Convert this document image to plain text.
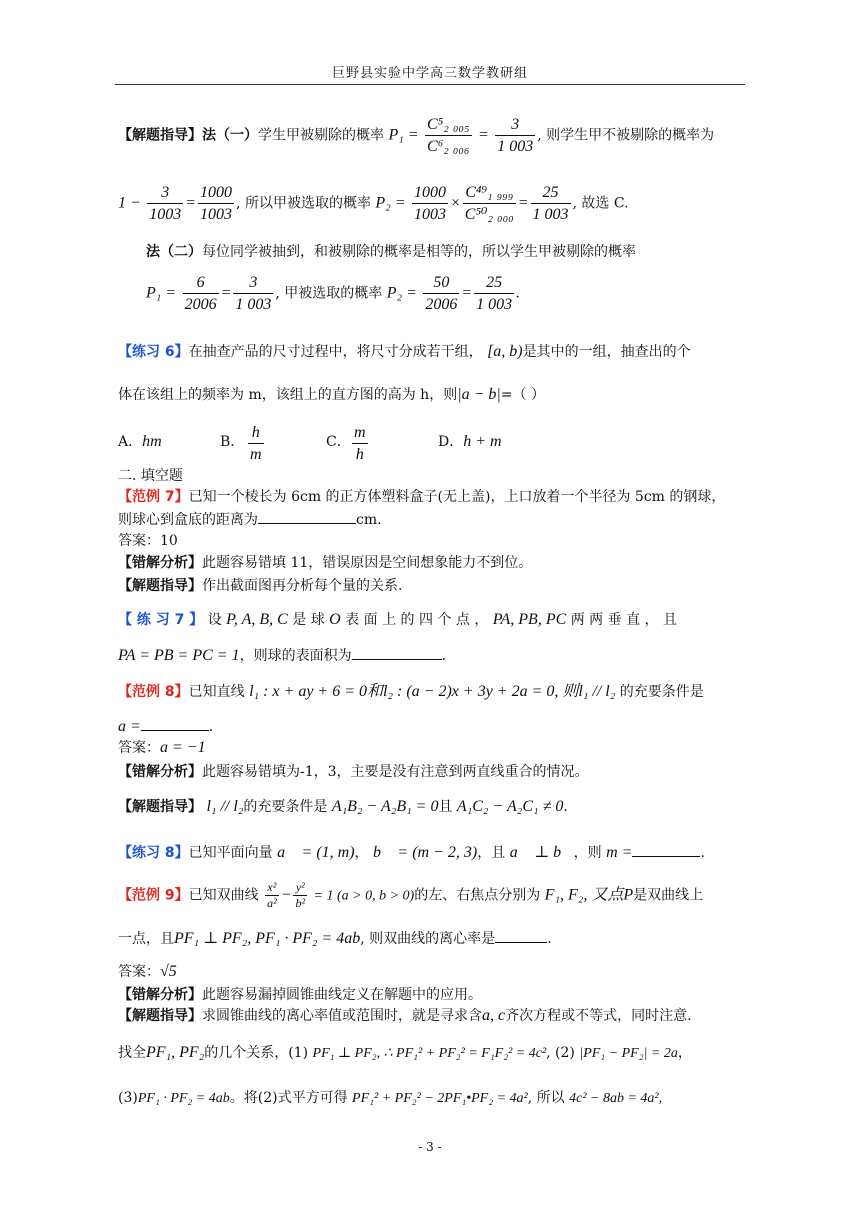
巨野县实验中学高三数学教研组
【解题指导】法（一）学生甲被剔除的概率 $P_1 = \frac{\text{C⁵₂ ₀₀₅}}{\text{C⁶₂ ₀₀₆}} = \frac{3}{1 003}$ , 则学生甲不被剔除的概率为
$1 - \frac{3}{1003} = \frac{1000}{1003}$ , 所以甲被选取的概率 $P_2 = \frac{1000}{1003} \times \frac{\text{C⁴⁹₁ ₉₉₉}}{\text{C⁵⁰₂ ₀₀₀}} = \frac{25}{1 003}$ , 故选 C.
法（二）每位同学被抽到，和被剔除的概率是相等的，所以学生甲被剔除的概率
$P_1 = \frac{6}{2006} = \frac{3}{1 003}$ , 甲被选取的概率 $P_2 = \frac{50}{2006} = \frac{25}{1 003}$ .
【练习 6】在抽查产品的尺寸过程中，将尺寸分成若干组， [a, b)是其中的一组，抽查出的个
体在该组上的频率为 m，该组上的直方图的高为 h，则|a − b|=（ ）
A．hm	B． $\frac{h}{m}$	C． $\frac{m}{h}$	D．h + m
二. 填空题
【范例 7】已知一个棱长为 6cm 的正方体塑料盒子(无上盖)，上口放着一个半径为 5cm 的钢球，
则球心到盒底的距离为	cm.
答案：10
【错解分析】此题容易错填 11，错误原因是空间想象能力不到位。
【解题指导】作出截面图再分析每个量的关系.
【 练 习 7 】 设 P, A, B, C 是 球 O 表 面 上 的 四 个 点 ， PA, PB, PC 两 两 垂 直 ， 且
PA = PB = PC = 1，则球的表面积为	.
【范例 8】已知直线 l₁ : x + ay + 6 = 0和l₂ : (a − 2)x + 3y + 2a = 0, 则l₁ // l₂ 的充要条件是
a =	.
答案：a = −1
【错解分析】此题容易错填为-1，3，主要是没有注意到两直线重合的情况。
【解题指导】 l₁ // l₂的充要条件是 A₁B₂ − A₂B₁ = 0且 A₁C₂ − A₂C₁ ≠ 0.
【练习 8】已知平面向量 a⃗ = (1, m)， b⃗ = (m − 2, 3)，且 a⃗ ⊥ b⃗，则 m =	.
【范例 9】已知双曲线 $\frac{\text{x²}}{\text{a²}} - \frac{\text{y²}}{\text{b²}} = 1$ (a > 0, b > 0)的左、右焦点分别为 F₁, F₂, 又点P是双曲线上
一点，且PF₁ ⊥ PF₂, PF₁ · PF₂ = 4ab, 则双曲线的离心率是	.
答案：√5
【错解分析】此题容易漏掉圆锥曲线定义在解题中的应用。
【解题指导】求圆锥曲线的离心率值或范围时，就是寻求含a, c齐次方程或不等式，同时注意.
找全PF₁, PF₂的几个关系，(1) PF₁ ⊥ PF₂, ∴ PF₁² + PF₂² = F₁F₂² = 4c², (2) |PF₁ − PF₂| = 2a，
(3)PF₁ · PF₂ = 4ab。将(2)式平方可得 PF₁² + PF₂² − 2PF₁•PF₂ = 4a², 所以 4c² − 8ab = 4a²,
- 3 -
